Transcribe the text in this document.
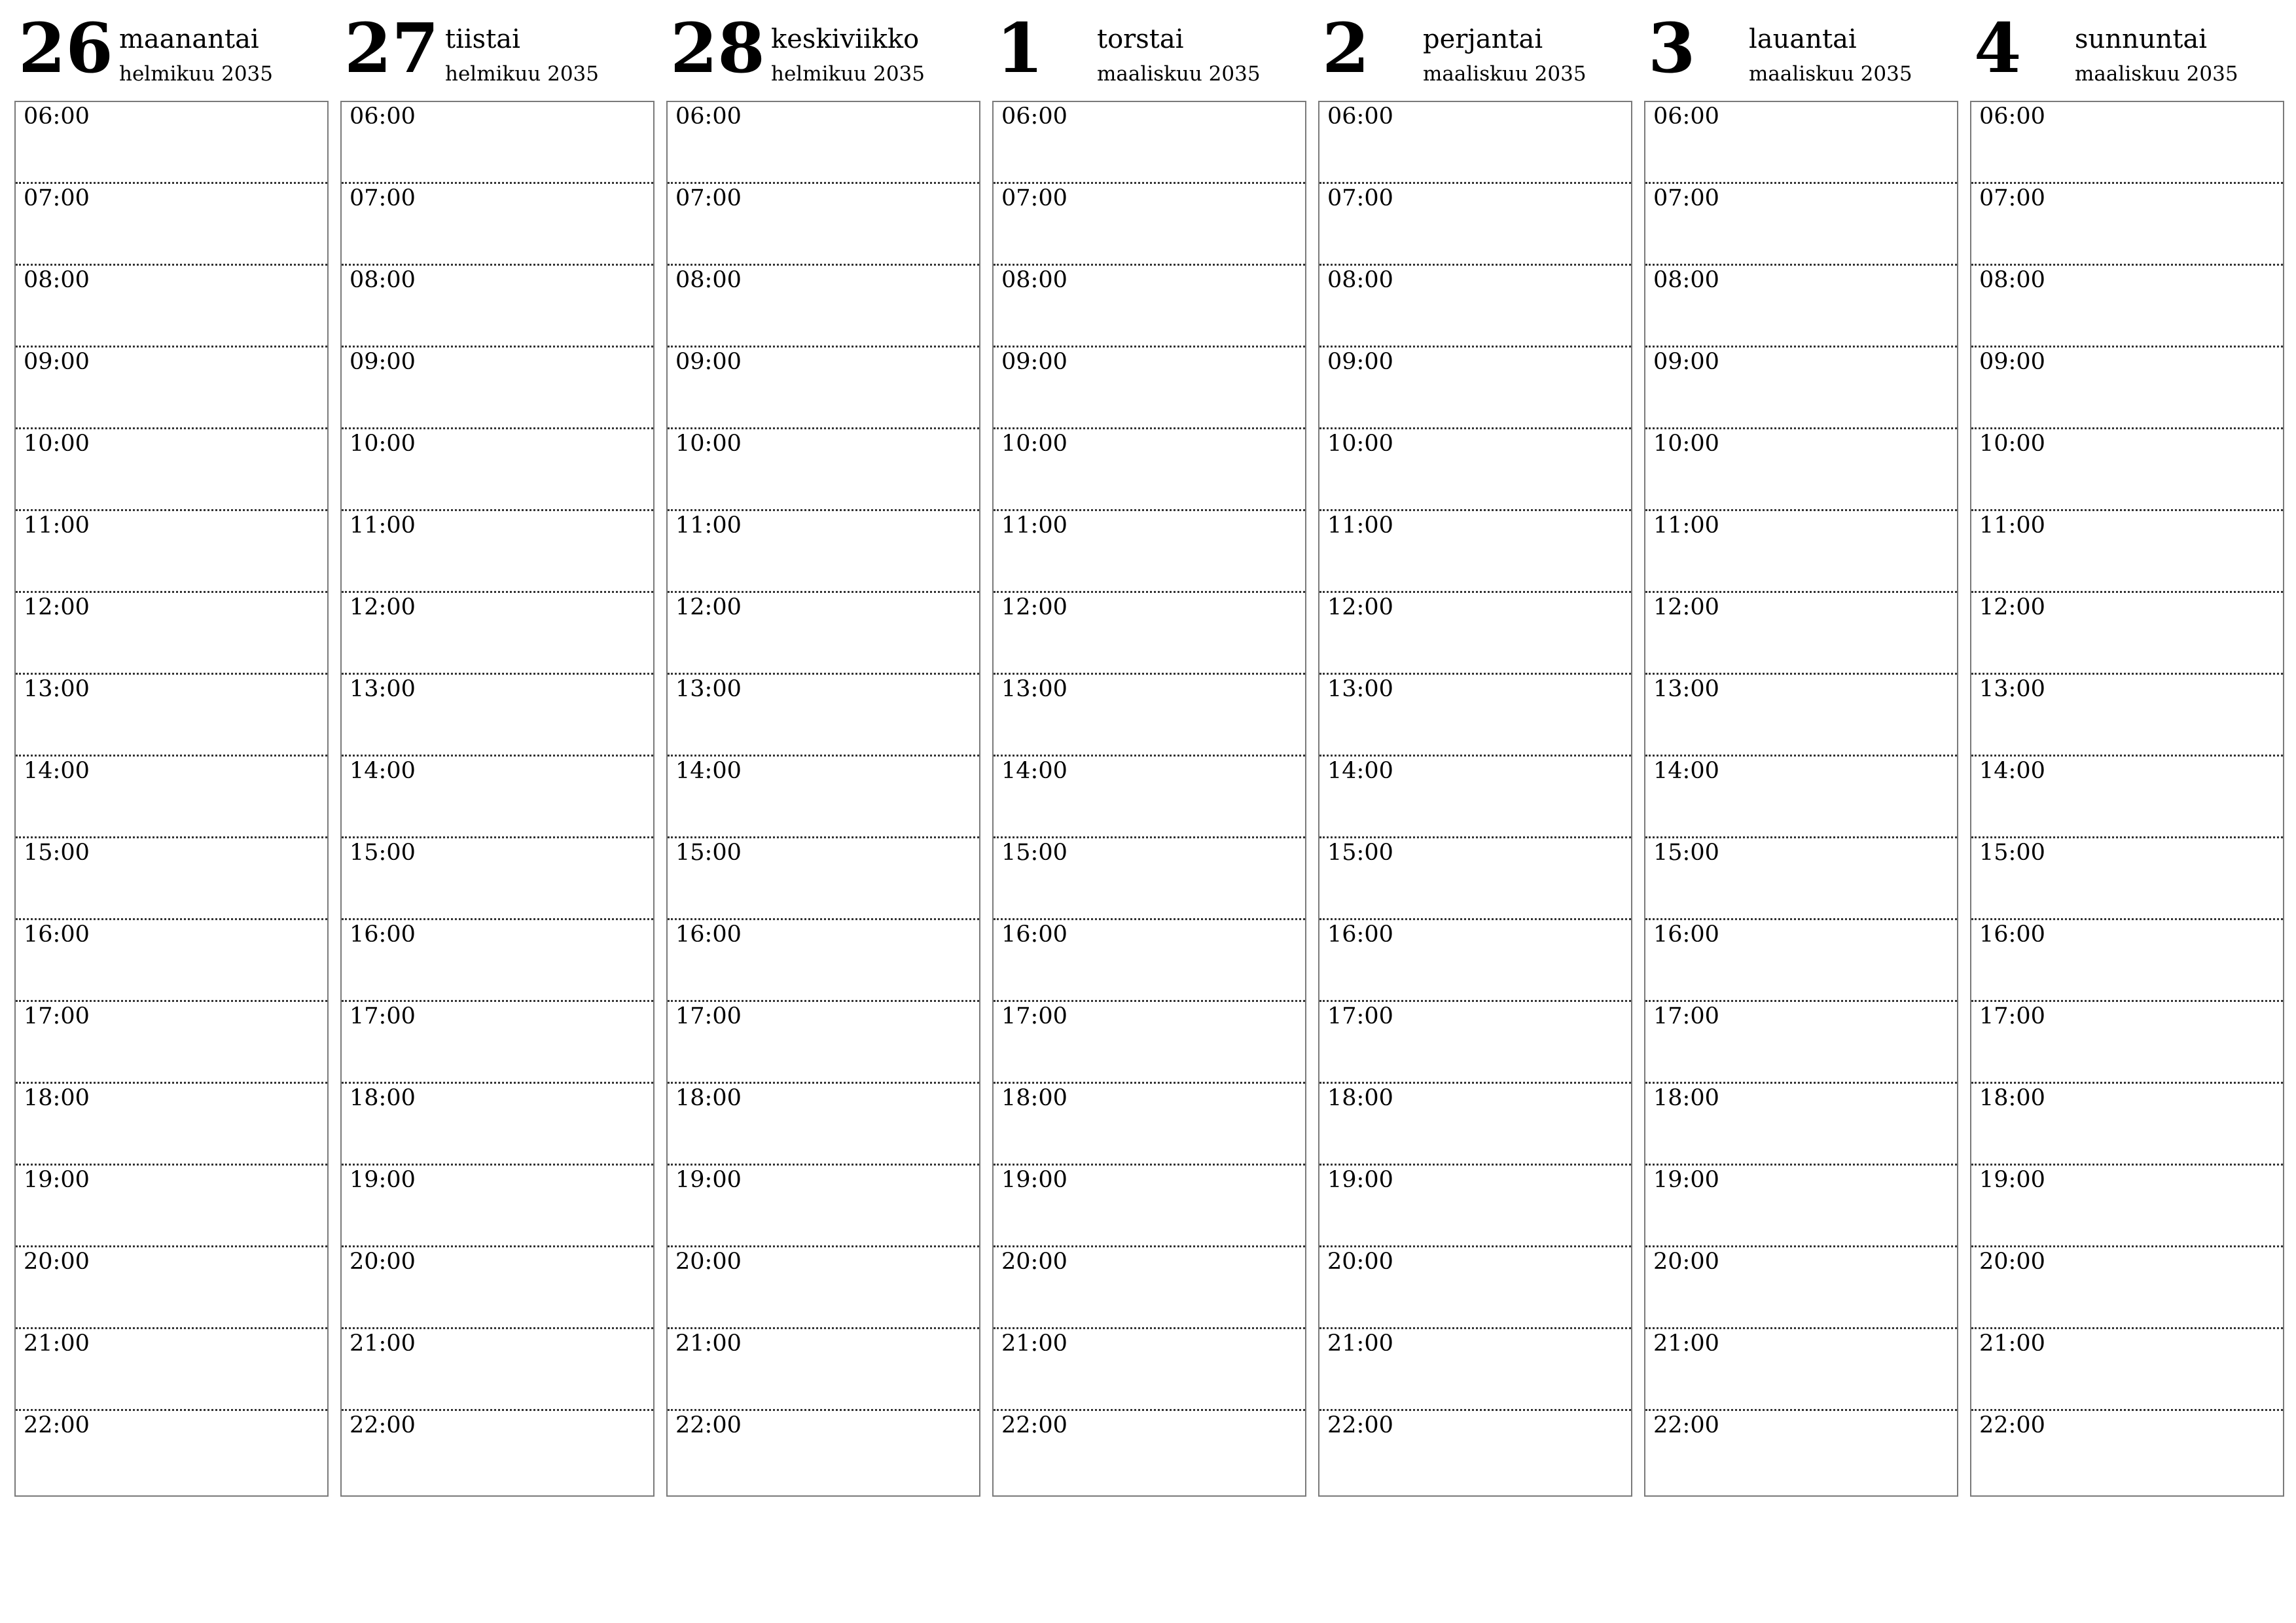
26 maanantai
helmikuu 2035
06:00
07:00
08:00
09:00
10:00
11:00
12:00
13:00
14:00
15:00
16:00
17:00
18:00
19:00
20:00
21:00
22:00
27 tiistai
helmikuu 2035
06:00
07:00
08:00
09:00
10:00
11:00
12:00
13:00
14:00
15:00
16:00
17:00
18:00
19:00
20:00
21:00
22:00
28 keskiviikko
helmikuu 2035
06:00
07:00
08:00
09:00
10:00
11:00
12:00
13:00
14:00
15:00
16:00
17:00
18:00
19:00
20:00
21:00
22:00
1 torstai
maaliskuu 2035
06:00
07:00
08:00
09:00
10:00
11:00
12:00
13:00
14:00
15:00
16:00
17:00
18:00
19:00
20:00
21:00
22:00
2 perjantai
maaliskuu 2035
06:00
07:00
08:00
09:00
10:00
11:00
12:00
13:00
14:00
15:00
16:00
17:00
18:00
19:00
20:00
21:00
22:00
3 lauantai
maaliskuu 2035
06:00
07:00
08:00
09:00
10:00
11:00
12:00
13:00
14:00
15:00
16:00
17:00
18:00
19:00
20:00
21:00
22:00
4 sunnuntai
maaliskuu 2035
06:00
07:00
08:00
09:00
10:00
11:00
12:00
13:00
14:00
15:00
16:00
17:00
18:00
19:00
20:00
21:00
22:00
